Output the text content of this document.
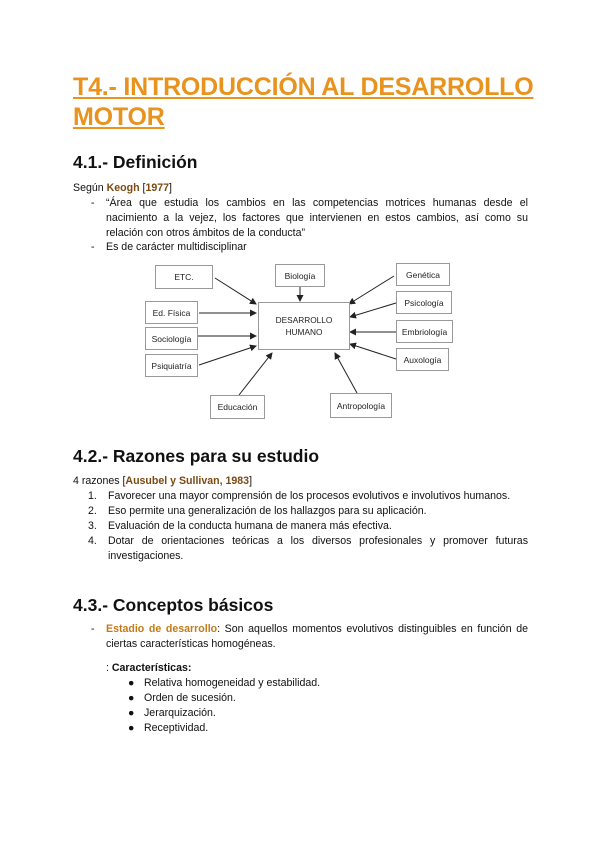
T4.- INTRODUCCIÓN AL DESARROLLO MOTOR
4.1.- Definición
Según Keogh [1977]
- “Área que estudia los cambios en las competencias motrices humanas desde el nacimiento a la vejez, los factores que intervienen en estos cambios, así como su relación con otros ámbitos de la conducta”
- Es de carácter multidisciplinar
ETC.	Biología	Genética
Ed. Física
Psicología
Sociología
Embriología
Psiquiatría
Auxología
DESARROLLO
HUMANO
Educación	Antropología
4.2.- Razones para su estudio
4 razones [Ausubel y Sullivan, 1983]
1. Favorecer una mayor comprensión de los procesos evolutivos e involutivos humanos.
2. Eso permite una generalización de los hallazgos para su aplicación.
3. Evaluación de la conducta humana de manera más efectiva.
4. Dotar de orientaciones teóricas a los diversos profesionales y promover futuras investigaciones.
4.3.- Conceptos básicos
- Estadio de desarrollo: Son aquellos momentos evolutivos distinguibles en función de ciertas características homogéneas.
: Características:
● Relativa homogeneidad y estabilidad.
● Orden de sucesión.
● Jerarquización.
● Receptividad.
